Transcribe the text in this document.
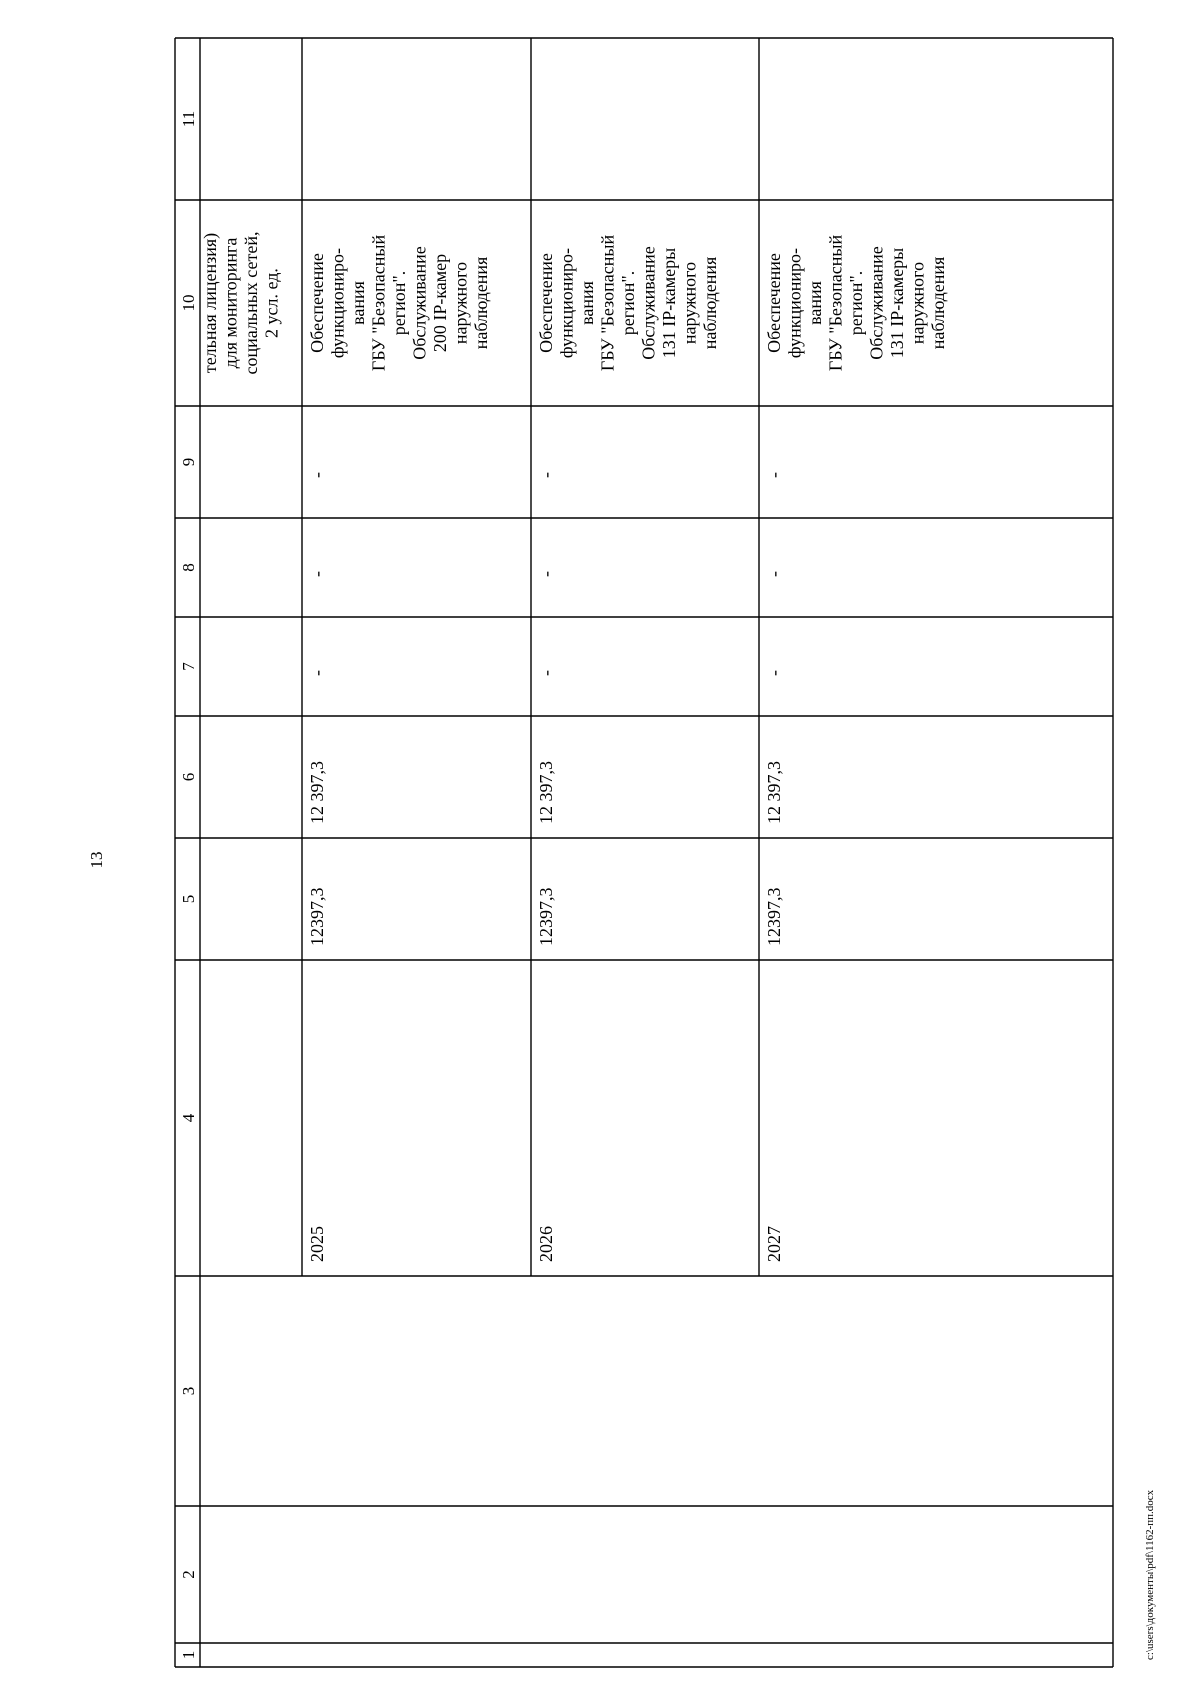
13
c:\users\документы\pdf\1162-пп.docx
1
2
3
4
5
6
7
8
9
10
11
тельная лицензия) для мониторинга социальных сетей, 2 усл. ед.
2025
12397,3
12 397,3
-
-
-
Обеспечение функциониро- вания ГБУ "Безопасный регион". Обслуживание 200 IP-камер наружного наблюдения
2026
12397,3
12 397,3
-
-
-
Обеспечение функциониро- вания ГБУ "Безопасный регион". Обслуживание 131 IP-камеры наружного наблюдения
2027
12397,3
12 397,3
-
-
-
Обеспечение функциониро- вания ГБУ "Безопасный регион". Обслуживание 131 IP-камеры наружного наблюдения
